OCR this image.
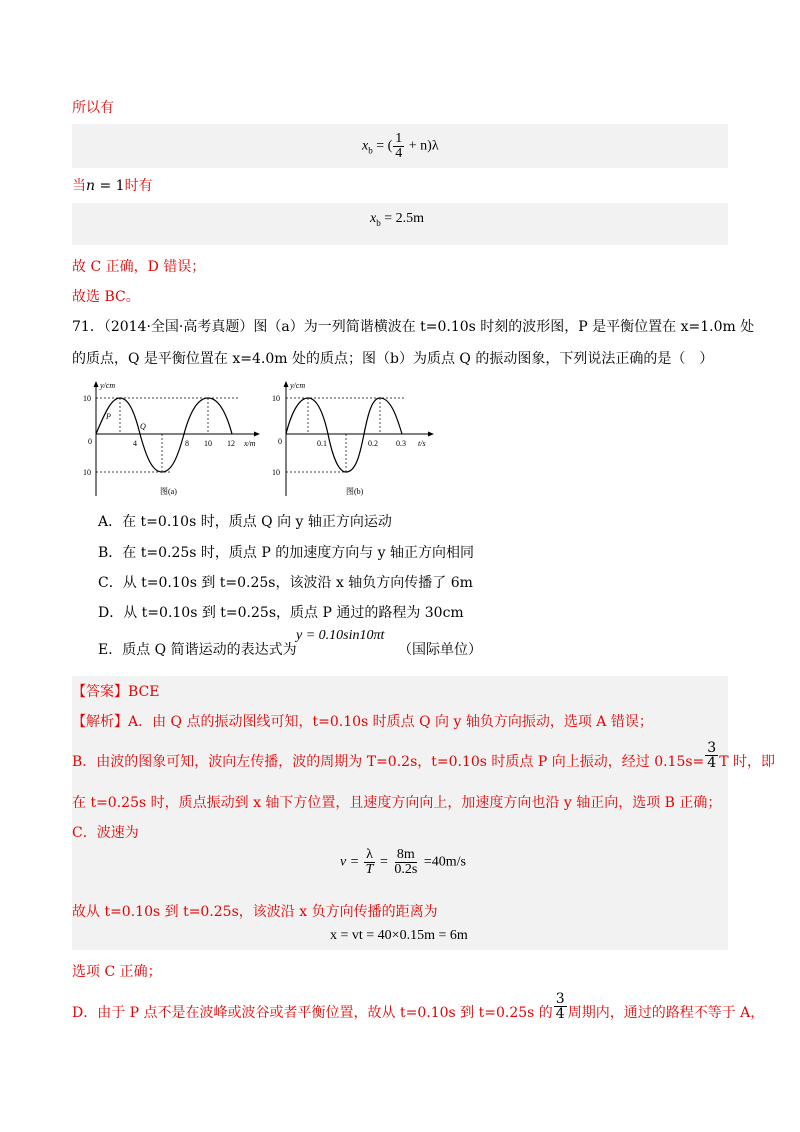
所以有
$x_b$ = ( $\frac{1}{4} + n)\lambda$
当n = 1时有
$x_b = 2.5m$
故 C 正确，D 错误；
故选 BC。
71．（2014·全国·高考真题）图（a）为一列简谐横波在 t=0.10s 时刻的波形图，P 是平衡位置在 x=1.0m 处
的质点，Q 是平衡位置在 x=4.0m 处的质点；图（b）为质点 Q 的振动图象，下列说法正确的是（　）
y/cm
x/m
10
10
0	4	8 10 12
P
Q
图(a)
y/cm
t/s
10
10
0	0.1	0.2 0.3
图(b)
A．在 t=0.10s 时，质点 Q 向 y 轴正方向运动
B．在 t=0.25s 时，质点 P 的加速度方向与 y 轴正方向相同
C．从 t=0.10s 到 t=0.25s，该波沿 x 轴负方向传播了 6m
D．从 t=0.10s 到 t=0.25s，质点 P 通过的路程为 30cm
E．质点 Q 简谐运动的表达式为
y = 0.10sin10πt
（国际单位）
【答案】BCE
【解析】A．由 Q 点的振动图线可知，t=0.10s 时质点 Q 向 y 轴负方向振动，选项 A 错误；
B．由波的图象可知，波向左传播，波的周期为 T=0.2s，t=0.10s 时质点 P 向上振动，经过 $0.15s= \frac{3}{4}$ T 时，即
在 t=0.25s 时，质点振动到 x 轴下方位置，且速度方向向上，加速度方向也沿 y 轴正向，选项 B 正确；
C．波速为
$v = \frac{\lambda}{T} = \frac{8m}{0.2s} =40m/s$
故从 t=0.10s 到 t=0.25s，该波沿 x 负方向传播的距离为
x = vt = 40×0.15m = 6m
选项 C 正确；
D．由于 P 点不是在波峰或波谷或者平衡位置，故从 t=0.10s 到 t=0.25s 的 $\frac{3}{4}$ 周期内，通过的路程不等于 A，
